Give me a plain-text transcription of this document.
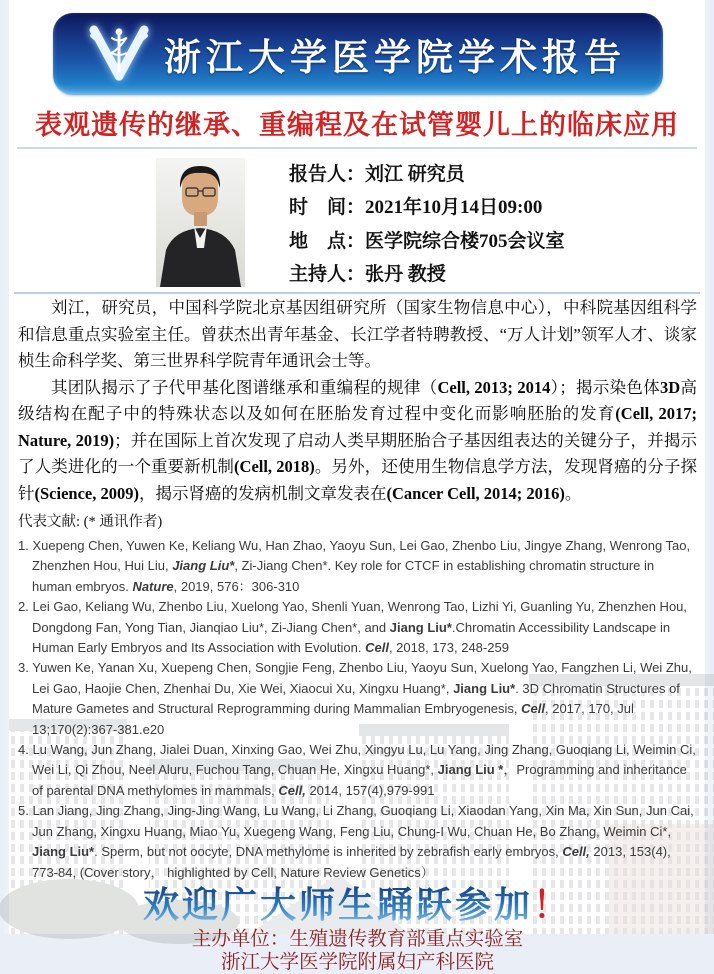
浙江大学医学院学术报告
表观遗传的继承、重编程及在试管婴儿上的临床应用
报告人：刘江 研究员
时　间：2021年10月14日09:00
地　点：医学院综合楼705会议室
主持人：张丹 教授

刘江，研究员，中国科学院北京基因组研究所（国家生物信息中心），中科院基因组科学和信息重点实验室主任。曾获杰出青年基金、长江学者特聘教授、“万人计划”领军人才、谈家桢生命科学奖、第三世界科学院青年通讯会士等。

其团队揭示了子代甲基化图谱继承和重编程的规律（Cell, 2013; 2014）；揭示染色体3D高级结构在配子中的特殊状态以及如何在胚胎发育过程中变化而影响胚胎的发育(Cell, 2017; Nature, 2019)；并在国际上首次发现了启动人类早期胚胎合子基因组表达的关键分子，并揭示了人类进化的一个重要新机制(Cell, 2018)。另外，还使用生物信息学方法，发现肾癌的分子探针(Science, 2009)，揭示肾癌的发病机制文章发表在(Cancer Cell, 2014; 2016)。

代表文献: (* 通讯作者)
1. Xuepeng Chen, Yuwen Ke, Keliang Wu, Han Zhao, Yaoyu Sun, Lei Gao, Zhenbo Liu, Jingye Zhang, Wenrong Tao, Zhenzhen Hou, Hui Liu, Jiang Liu*, Zi-Jiang Chen*. Key role for CTCF in establishing chromatin structure in human embryos. Nature, 2019, 576：306-310
2. Lei Gao, Keliang Wu, Zhenbo Liu, Xuelong Yao, Shenli Yuan, Wenrong Tao, Lizhi Yi, Guanling Yu, Zhenzhen Hou, Dongdong Fan, Yong Tian, Jianqiao Liu*, Zi-Jiang Chen*, and Jiang Liu*.Chromatin Accessibility Landscape in Human Early Embryos and Its Association with Evolution. Cell, 2018, 173, 248-259
3. Yuwen Ke, Yanan Xu, Xuepeng Chen, Songjie Feng, Zhenbo Liu, Yaoyu Sun, Xuelong Yao, Fangzhen Li, Wei Zhu, Lei Gao, Haojie Chen, Zhenhai Du, Xie Wei, Xiaocui Xu, Xingxu Huang*, Jiang Liu*. 3D Chromatin Structures of Mature Gametes and Structural Reprogramming during Mammalian Embryogenesis, Cell, 2017, 170, Jul 13;170(2):367-381.e20
4. Lu Wang, Jun Zhang, Jialei Duan, Xinxing Gao, Wei Zhu, Xingyu Lu, Lu Yang, Jing Zhang, Guoqiang Li, Weimin Ci, Wei Li, Qi Zhou, Neel Aluru, Fuchou Tang, Chuan He, Xingxu Huang*, Jiang Liu *，Programming and inheritance of parental DNA methylomes in mammals, Cell, 2014, 157(4),979-991
5. Lan Jiang, Jing Zhang, Jing-Jing Wang, Lu Wang, Li Zhang, Guoqiang Li, Xiaodan Yang, Xin Ma, Xin Sun, Jun Cai, Jun Zhang, Xingxu Huang, Miao Yu, Xuegeng Wang, Feng Liu, Chung-I Wu, Chuan He, Bo Zhang, Weimin Ci*, Jiang Liu*. Sperm, but not oocyte, DNA methylome is inherited by zebrafish early embryos, Cell, 2013, 153(4), 773-84, (Cover story， highlighted by Cell, Nature Review Genetics）
欢迎广大师生踊跃参加！
主办单位：生殖遗传教育部重点实验室
浙江大学医学院附属妇产科医院
